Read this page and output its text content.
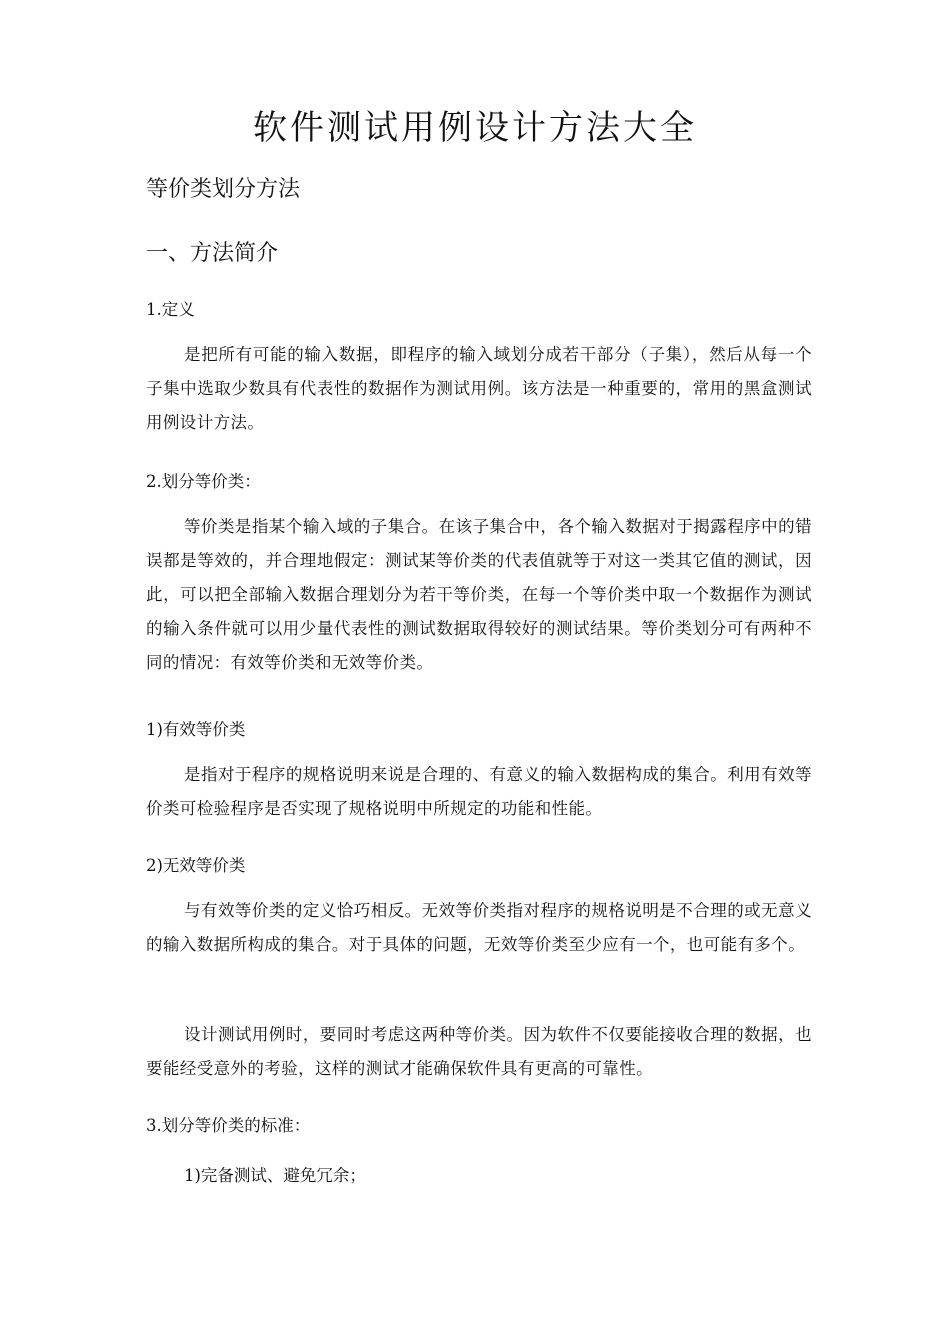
软件测试用例设计方法大全
等价类划分方法
一、方法简介
1.定义

是把所有可能的输入数据，即程序的输入域划分成若干部分（子集），然后从每一个子集中选取少数具有代表性的数据作为测试用例。该方法是一种重要的，常用的黑盒测试用例设计方法。

2.划分等价类：

等价类是指某个输入域的子集合。在该子集合中，各个输入数据对于揭露程序中的错误都是等效的，并合理地假定：测试某等价类的代表值就等于对这一类其它值的测试，因此，可以把全部输入数据合理划分为若干等价类，在每一个等价类中取一个数据作为测试的输入条件就可以用少量代表性的测试数据取得较好的测试结果。等价类划分可有两种不同的情况：有效等价类和无效等价类。

1)有效等价类

是指对于程序的规格说明来说是合理的、有意义的输入数据构成的集合。利用有效等价类可检验程序是否实现了规格说明中所规定的功能和性能。

2)无效等价类

与有效等价类的定义恰巧相反。无效等价类指对程序的规格说明是不合理的或无意义的输入数据所构成的集合。对于具体的问题，无效等价类至少应有一个，也可能有多个。

设计测试用例时，要同时考虑这两种等价类。因为软件不仅要能接收合理的数据，也要能经受意外的考验，这样的测试才能确保软件具有更高的可靠性。

3.划分等价类的标准：
1)完备测试、避免冗余；
